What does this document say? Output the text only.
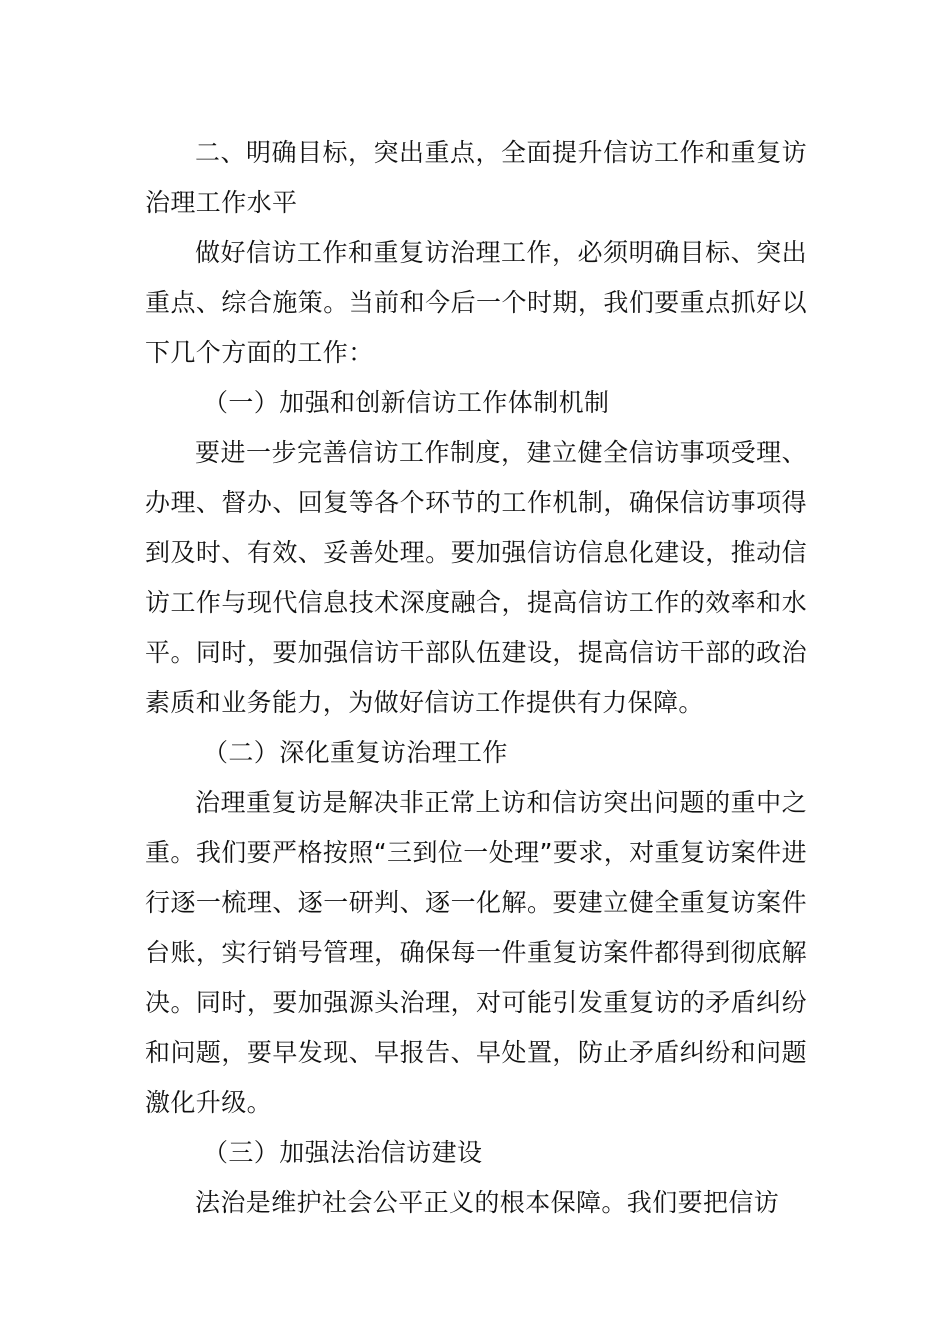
二、明确目标，突出重点，全面提升信访工作和重复访治理工作水平

做好信访工作和重复访治理工作，必须明确目标、突出重点、综合施策。当前和今后一个时期，我们要重点抓好以下几个方面的工作：

（一）加强和创新信访工作体制机制

要进一步完善信访工作制度，建立健全信访事项受理、办理、督办、回复等各个环节的工作机制，确保信访事项得到及时、有效、妥善处理。要加强信访信息化建设，推动信访工作与现代信息技术深度融合，提高信访工作的效率和水平。同时，要加强信访干部队伍建设，提高信访干部的政治素质和业务能力，为做好信访工作提供有力保障。

（二）深化重复访治理工作

治理重复访是解决非正常上访和信访突出问题的重中之重。我们要严格按照“三到位一处理”要求，对重复访案件进行逐一梳理、逐一研判、逐一化解。要建立健全重复访案件台账，实行销号管理，确保每一件重复访案件都得到彻底解决。同时，要加强源头治理，对可能引发重复访的矛盾纠纷和问题，要早发现、早报告、早处置，防止矛盾纠纷和问题激化升级。

（三）加强法治信访建设

法治是维护社会公平正义的根本保障。我们要把信访
